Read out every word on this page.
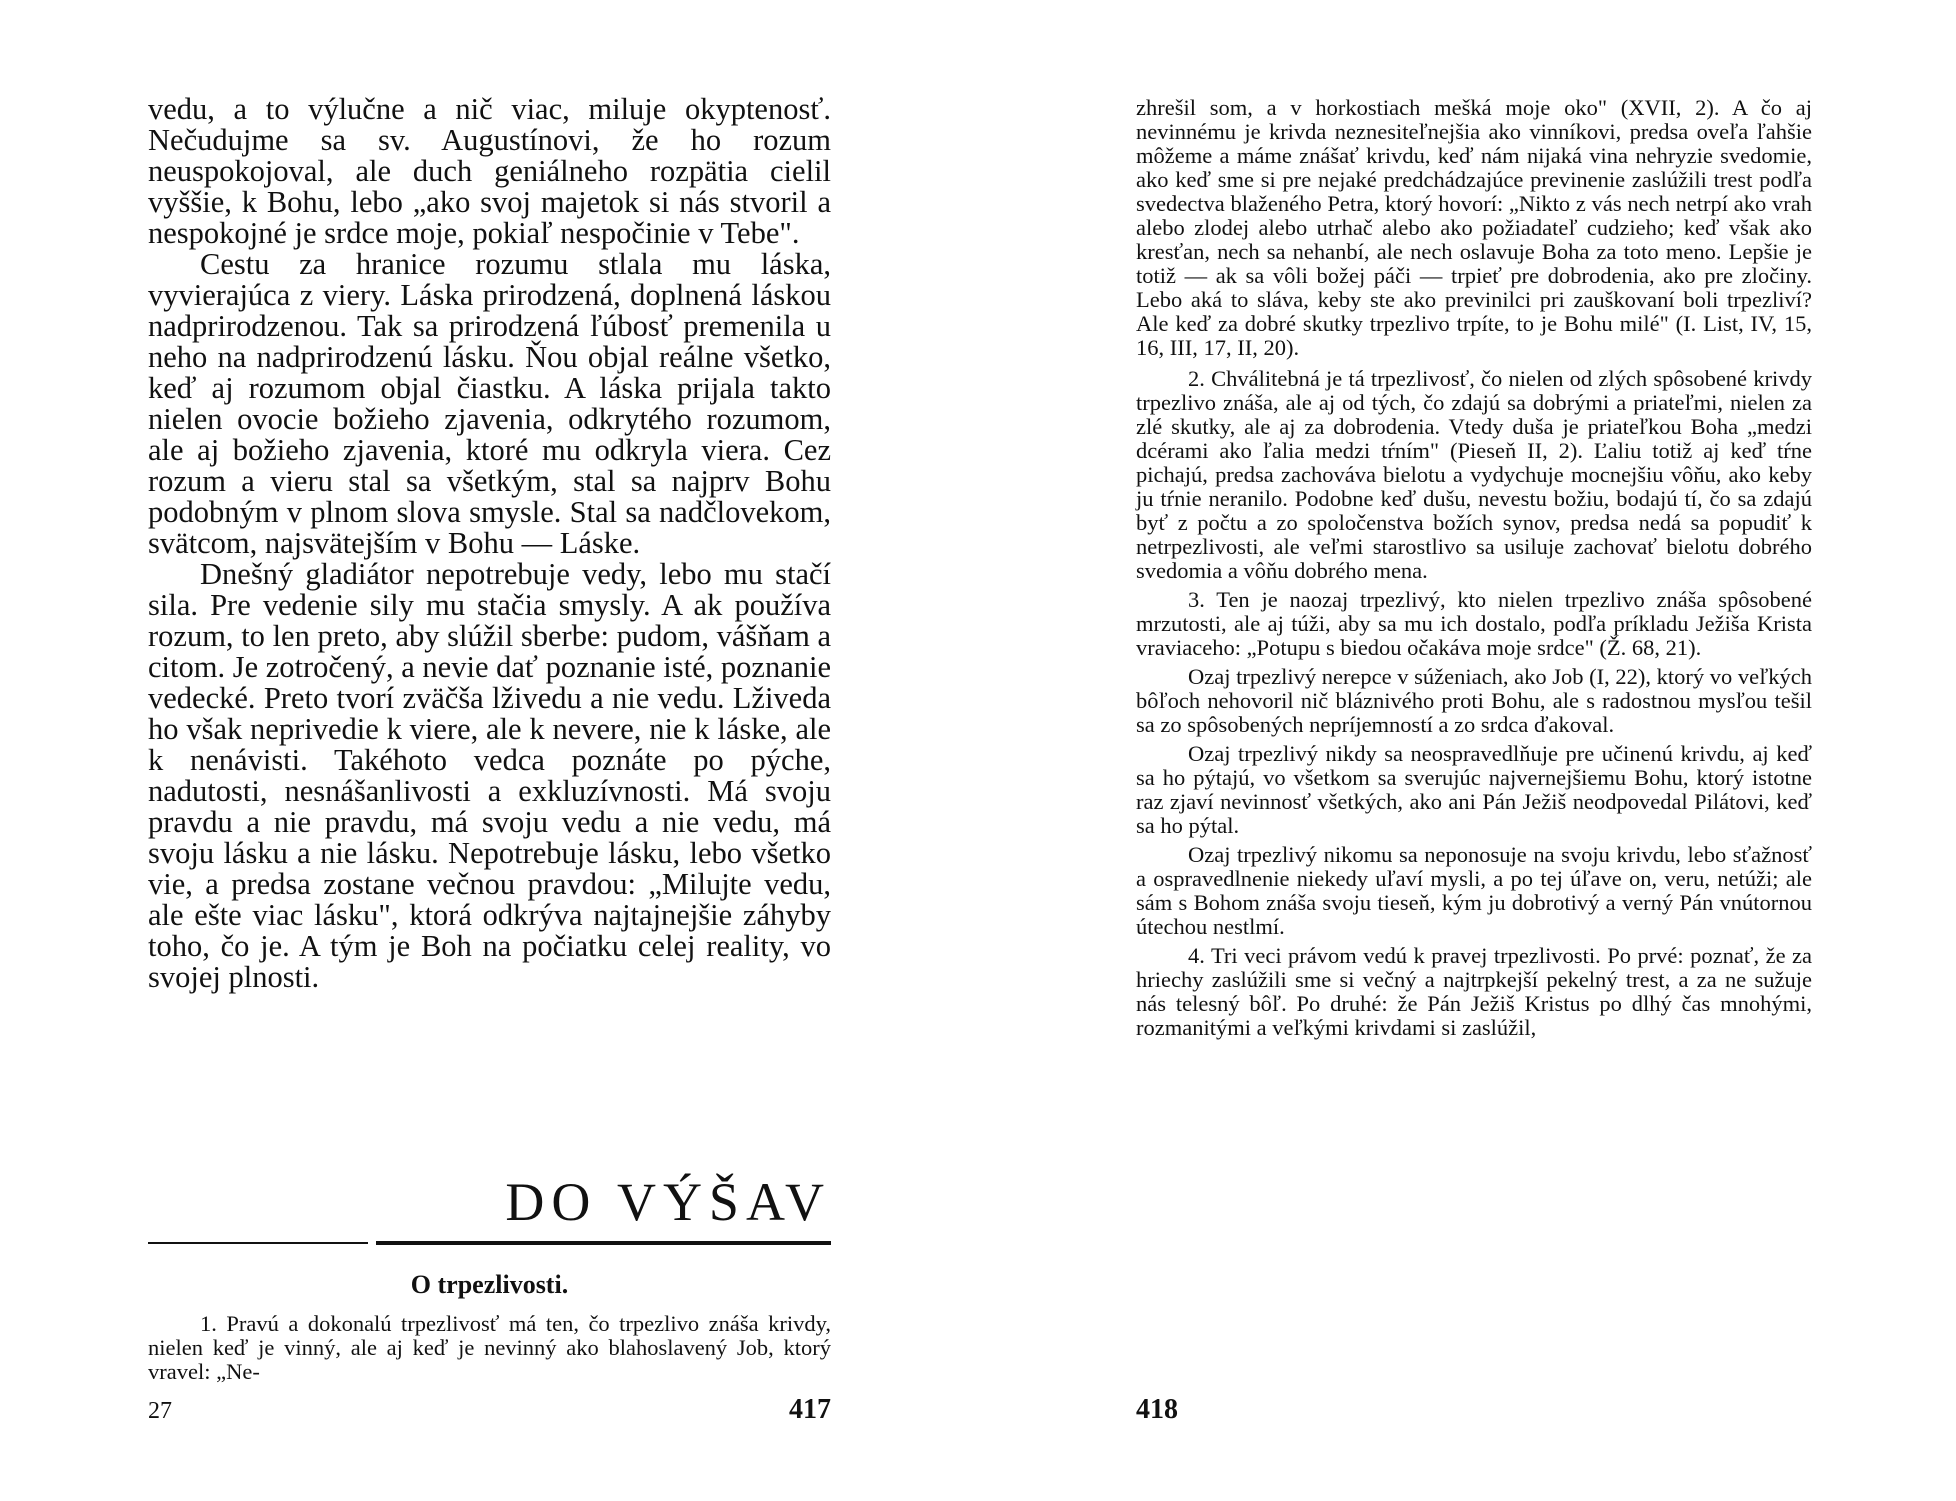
vedu, a to výlučne a nič viac, miluje okyptenosť. Nečudujme sa sv. Augustínovi, že ho rozum neuspokojoval, ale duch geniálneho rozpätia cielil vyššie, k Bohu, lebo „ako svoj majetok si nás stvoril a nespokojné je srdce moje, pokiaľ nespočinie v Tebe".

Cestu za hranice rozumu stlala mu láska, vyvierajúca z viery. Láska prirodzená, doplnená láskou nadprirodzenou. Tak sa prirodzená ľúbosť premenila u neho na nadprirodzenú lásku. Ňou objal reálne všetko, keď aj rozumom objal čiastku. A láska prijala takto nielen ovocie božieho zjavenia, odkrytého rozumom, ale aj božieho zjavenia, ktoré mu odkryla viera. Cez rozum a vieru stal sa všetkým, stal sa najprv Bohu podobným v plnom slova smysle. Stal sa nadčlovekom, svätcom, najsvätejším v Bohu — Láske.

Dnešný gladiátor nepotrebuje vedy, lebo mu stačí sila. Pre vedenie sily mu stačia smysly. A ak používa rozum, to len preto, aby slúžil sberbe: pudom, vášňam a citom. Je zotročený, a nevie dať poznanie isté, poznanie vedecké. Preto tvorí zväčša lživedu a nie vedu. Lživeda ho však neprivedie k viere, ale k nevere, nie k láske, ale k nenávisti. Takéhoto vedca poznáte po pýche, nadutosti, nesnášanlivosti a exkluzívnosti. Má svoju pravdu a nie pravdu, má svoju vedu a nie vedu, má svoju lásku a nie lásku. Nepotrebuje lásku, lebo všetko vie, a predsa zostane večnou pravdou: „Milujte vedu, ale ešte viac lásku", ktorá odkrýva najtajnejšie záhyby toho, čo je. A tým je Boh na počiatku celej reality, vo svojej plnosti.

DO VÝŠAV
O trpezlivosti.

1. Pravú a dokonalú trpezlivosť má ten, čo trpezlivo znáša krivdy, nielen keď je vinný, ale aj keď je nevinný ako blahoslavený Job, ktorý vravel: „Ne-

27	417

zhrešil som, a v horkostiach mešká moje oko" (XVII, 2). A čo aj nevinnému je krivda neznesiteľnejšia ako vinníkovi, predsa oveľa ľahšie môžeme a máme znášať krivdu, keď nám nijaká vina nehryzie svedomie, ako keď sme si pre nejaké predchádzajúce previnenie zaslúžili trest podľa svedectva blaženého Petra, ktorý hovorí: „Nikto z vás nech netrpí ako vrah alebo zlodej alebo utrhač alebo ako požiadateľ cudzieho; keď však ako kresťan, nech sa nehanbí, ale nech oslavuje Boha za toto meno. Lepšie je totiž — ak sa vôli božej páči — trpieť pre dobrodenia, ako pre zločiny. Lebo aká to sláva, keby ste ako previnilci pri zauškovaní boli trpezliví? Ale keď za dobré skutky trpezlivo trpíte, to je Bohu milé" (I. List, IV, 15, 16, III, 17, II, 20).

2. Chválitebná je tá trpezlivosť, čo nielen od zlých spôsobené krivdy trpezlivo znáša, ale aj od tých, čo zdajú sa dobrými a priateľmi, nielen za zlé skutky, ale aj za dobrodenia. Vtedy duša je priateľkou Boha „medzi dcérami ako ľalia medzi tŕním" (Pieseň II, 2). Ľaliu totiž aj keď tŕne pichajú, predsa zachováva bielotu a vydychuje mocnejšiu vôňu, ako keby ju tŕnie neranilo. Podobne keď dušu, nevestu božiu, bodajú tí, čo sa zdajú byť z počtu a zo spoločenstva božích synov, predsa nedá sa popudiť k netrpezlivosti, ale veľmi starostlivo sa usiluje zachovať bielotu dobrého svedomia a vôňu dobrého mena.

3. Ten je naozaj trpezlivý, kto nielen trpezlivo znáša spôsobené mrzutosti, ale aj túži, aby sa mu ich dostalo, podľa príkladu Ježiša Krista vraviaceho: „Potupu s biedou očakáva moje srdce" (Ž. 68, 21).

Ozaj trpezlivý nerepce v súženiach, ako Job (I, 22), ktorý vo veľkých bôľoch nehovoril nič bláznivého proti Bohu, ale s radostnou mysľou tešil sa zo spôsobených nepríjemností a zo srdca ďakoval.

Ozaj trpezlivý nikdy sa neospravedlňuje pre učinenú krivdu, aj keď sa ho pýtajú, vo všetkom sa sverujúc najvernejšiemu Bohu, ktorý istotne raz zjaví nevinnosť všetkých, ako ani Pán Ježiš neodpovedal Pilátovi, keď sa ho pýtal.

Ozaj trpezlivý nikomu sa neponosuje na svoju krivdu, lebo sťažnosť a ospravedlnenie niekedy uľaví mysli, a po tej úľave on, veru, netúži; ale sám s Bohom znáša svoju tieseň, kým ju dobrotivý a verný Pán vnútornou útechou nestlmí.

4. Tri veci právom vedú k pravej trpezlivosti. Po prvé: poznať, že za hriechy zaslúžili sme si večný a najtrpkejší pekelný trest, a za ne sužuje nás telesný bôľ. Po druhé: že Pán Ježiš Kristus po dlhý čas mnohými, rozmanitými a veľkými krivdami si zaslúžil,

418
